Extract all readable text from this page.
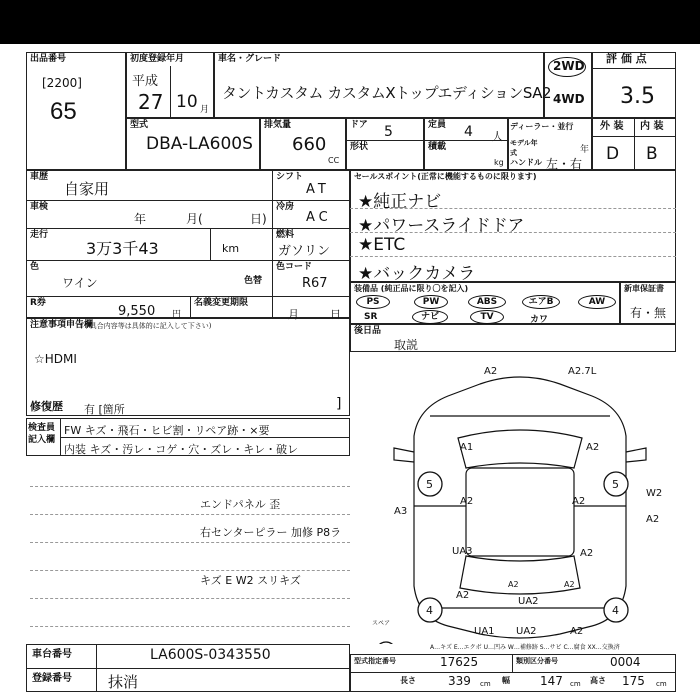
出品番号
[2200]
65
初度登録年月
平成
27 10 月
車名・グレード
タントカスタム カスタムXトップエディションSA2
2WD
4WD
評 価 点
3.5
型式
DBA-LA600S
排気量
660
CC
ドア 5
形状
定員 4 人
積載
kg
ディーラー・並行
モデル年式	年
ハンドル 左・右
外 装 内 装
D B
車歴
自家用
車検
年	月(	日)
走行
3万3千43	km
色
ワイン	色替
R券
9,550 円
名義変更期限
月	日
シフト
AT
冷房
AC
燃料
ガソリン
色コード
R67
セールスポイント(正常に機能するものに限ります)
★純正ナビ
★パワースライドドア
★ETC
★バックカメラ
装備品 (純正品に限り〇を記入)
PS	PW	ABS	エアB	AW
SR	ナビ	TV	カワ
新車保証書
有・無
注意事項申告欄
(不具合内容等は具体的に記入して下さい)
☆HDMI
修復歴 有 [箇所	]
後日品
取説
検査員記入欄
FW キズ・飛石・ヒビ割・リペア跡・×要
内装 キズ・汚レ・コゲ・穴・ズレ・キレ・破レ
エンドパネル 歪
右センターピラー 加修 P8ラ
キズ E W2 スリキズ
5	5
4	4
スペア
A2	A2.7L
A1	A2
A2	A2
W2
A2
A3
A2
UA3
A2
UA2
UA1 UA2	A2
A2	A2
A…キズ E…エクボ U…凹み W…補修跡 S…サビ C…腐食 XX…交換済
車台番号	LA600S-0343550
登録番号 抹消
型式指定番号	17625	類別区分番号	0004
長さ	339 cm 幅	147 cm 高さ 175 cm
